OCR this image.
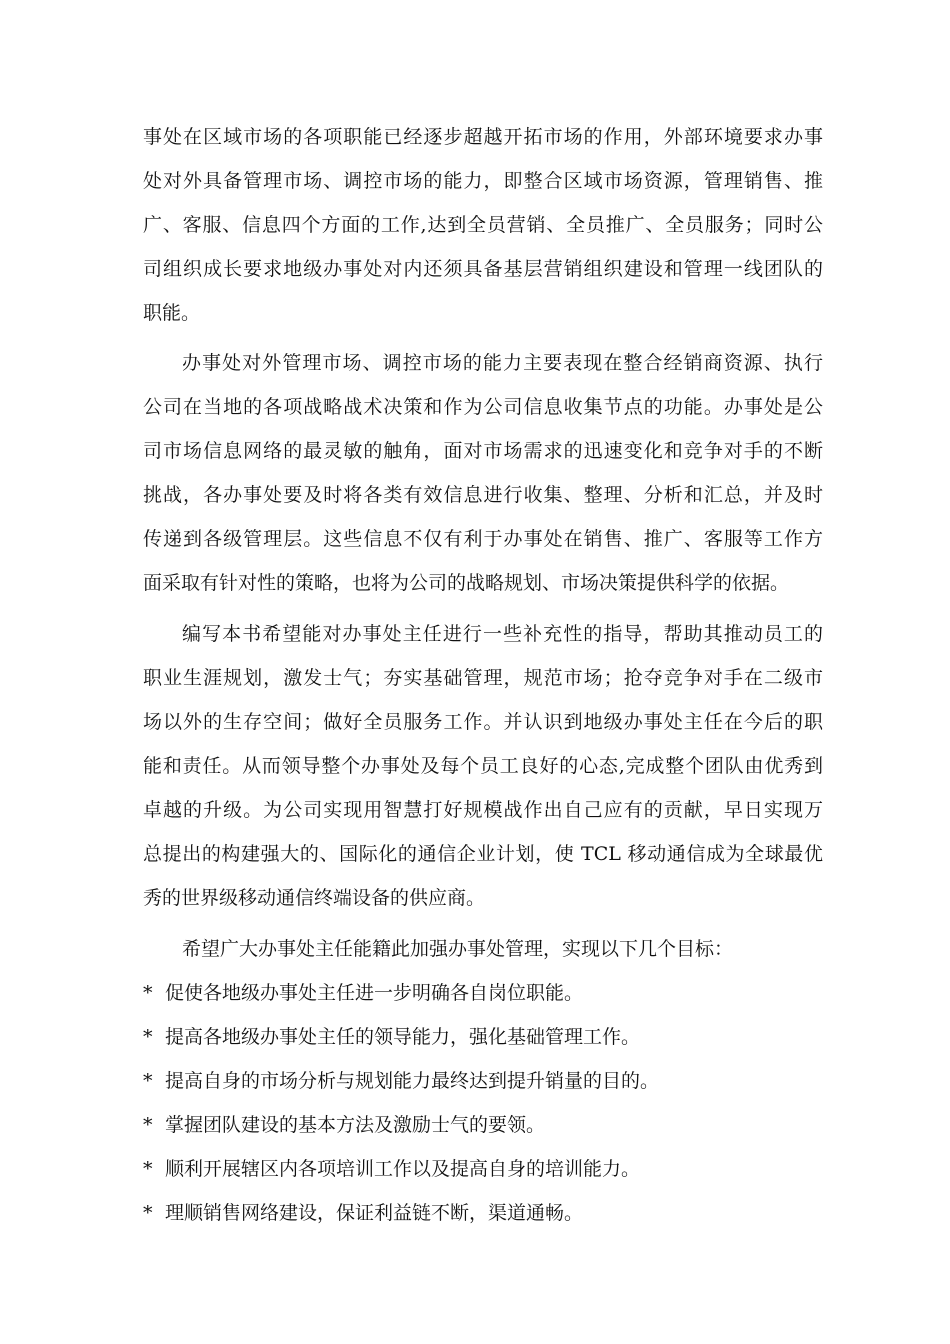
事处在区域市场的各项职能已经逐步超越开拓市场的作用，外部环境要求办事
处对外具备管理市场、调控市场的能力，即整合区域市场资源，管理销售、推
广、客服、信息四个方面的工作,达到全员营销、全员推广、全员服务；同时公
司组织成长要求地级办事处对内还须具备基层营销组织建设和管理一线团队的
职能。
办事处对外管理市场、调控市场的能力主要表现在整合经销商资源、执行
公司在当地的各项战略战术决策和作为公司信息收集节点的功能。办事处是公
司市场信息网络的最灵敏的触角，面对市场需求的迅速变化和竞争对手的不断
挑战，各办事处要及时将各类有效信息进行收集、整理、分析和汇总，并及时
传递到各级管理层。这些信息不仅有利于办事处在销售、推广、客服等工作方
面采取有针对性的策略，也将为公司的战略规划、市场决策提供科学的依据。
编写本书希望能对办事处主任进行一些补充性的指导，帮助其推动员工的
职业生涯规划，激发士气；夯实基础管理，规范市场；抢夺竞争对手在二级市
场以外的生存空间；做好全员服务工作。并认识到地级办事处主任在今后的职
能和责任。从而领导整个办事处及每个员工良好的心态,完成整个团队由优秀到
卓越的升级。为公司实现用智慧打好规模战作出自己应有的贡献，早日实现万
总提出的构建强大的、国际化的通信企业计划，使 TCL 移动通信成为全球最优
秀的世界级移动通信终端设备的供应商。
希望广大办事处主任能籍此加强办事处管理，实现以下几个目标：
* 促使各地级办事处主任进一步明确各自岗位职能。
* 提高各地级办事处主任的领导能力，强化基础管理工作。
* 提高自身的市场分析与规划能力最终达到提升销量的目的。
* 掌握团队建设的基本方法及激励士气的要领。
* 顺利开展辖区内各项培训工作以及提高自身的培训能力。
* 理顺销售网络建设，保证利益链不断，渠道通畅。
